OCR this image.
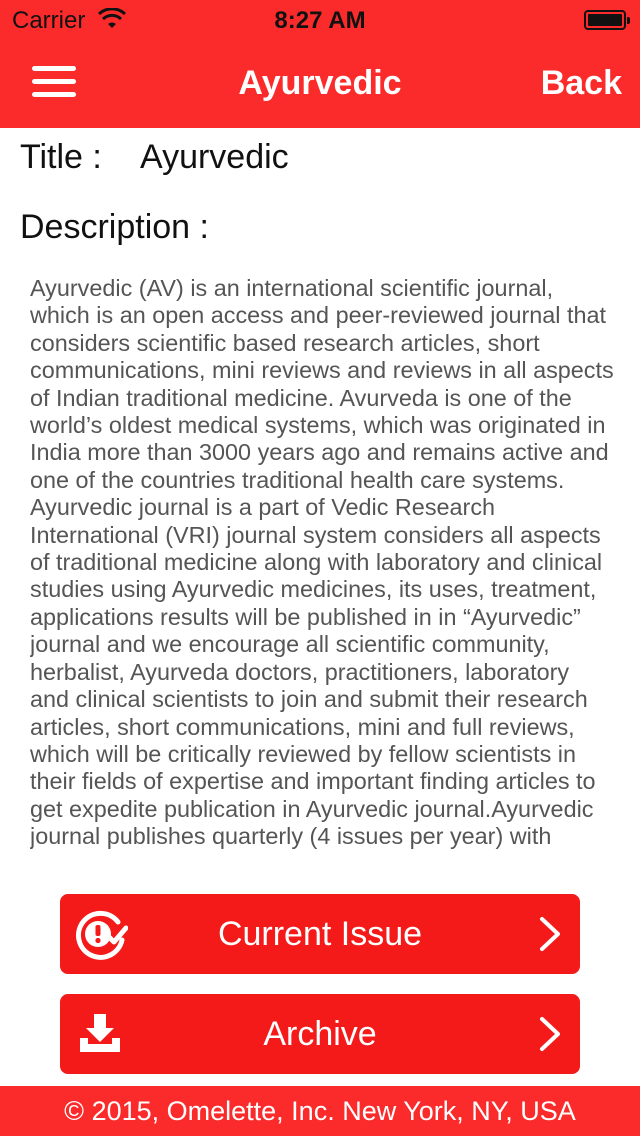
Carrier	8:27 AM
Ayurvedic	Back
Title : Ayurvedic
Description :

Ayurvedic (AV) is an international scientific journal, which is an open access and peer-reviewed journal that considers scientific based research articles, short communications, mini reviews and reviews in all aspects of Indian traditional medicine. Avurveda is one of the world’s oldest medical systems, which was originated in India more than 3000 years ago and remains active and one of the countries traditional health care systems. Ayurvedic journal is a part of Vedic Research International (VRI) journal system considers all aspects of traditional medicine along with laboratory and clinical studies using Ayurvedic medicines, its uses, treatment, applications results will be published in in “Ayurvedic” journal and we encourage all scientific community, herbalist, Ayurveda doctors, practitioners, laboratory and clinical scientists to join and submit their research articles, short communications, mini and full reviews, which will be critically reviewed by fellow scientists in their fields of expertise and important finding articles to get expedite publication in Ayurvedic journal.Ayurvedic journal publishes quarterly (4 issues per year) with

Current Issue
Archive
© 2015, Omelette, Inc. New York, NY, USA
